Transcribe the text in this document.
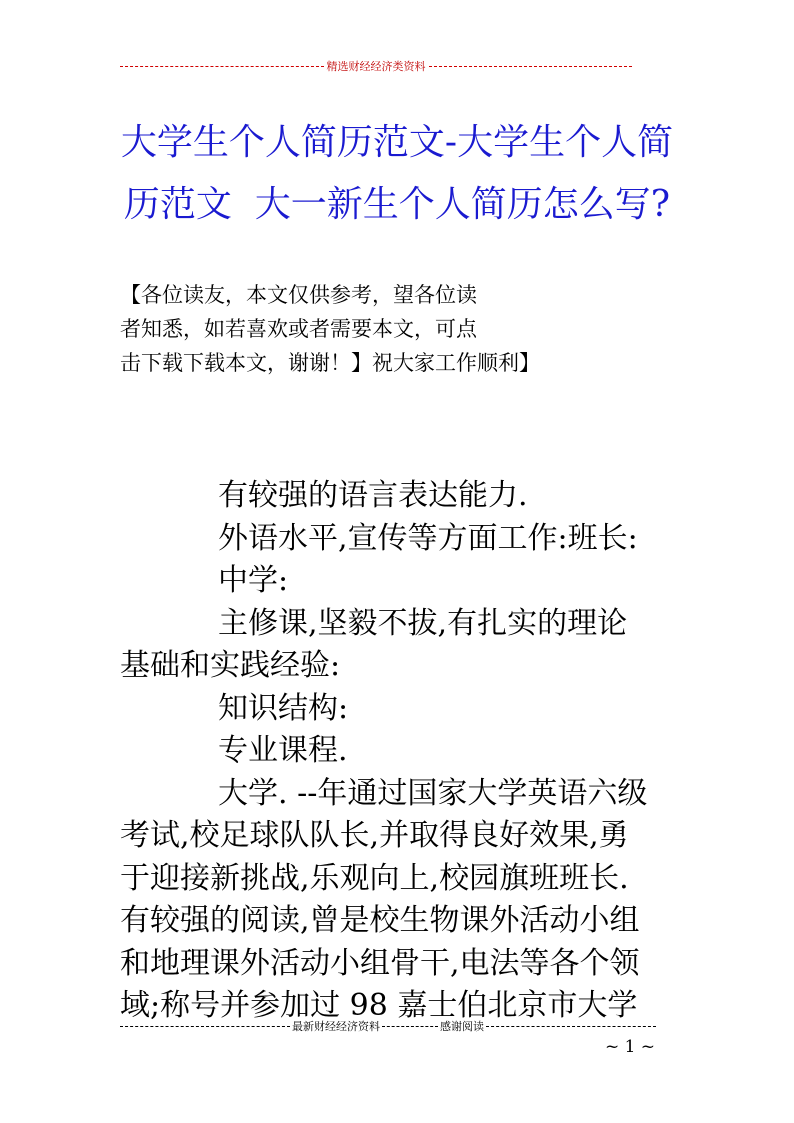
精选财经经济类资料
大学生个人简历范文-大学生个人简
历范文  大一新生个人简历怎么写?
【各位读友，本文仅供参考，望各位读
者知悉，如若喜欢或者需要本文，可点
击下载下载本文，谢谢！】祝大家工作顺利】
有较强的语言表达能力.
外语水平,宣传等方面工作:班长:
中学:
主修课,坚毅不拔,有扎实的理论
基础和实践经验:
知识结构:
专业课程.
大学. --年通过国家大学英语六级
考试,校足球队队长,并取得良好效果,勇
于迎接新挑战,乐观向上,校园旗班班长.
有较强的阅读,曾是校生物课外活动小组
和地理课外活动小组骨干,电法等各个领
域;称号并参加过 98 嘉士伯北京市大学
最新财经经济资料	感谢阅读
~ 1 ~
